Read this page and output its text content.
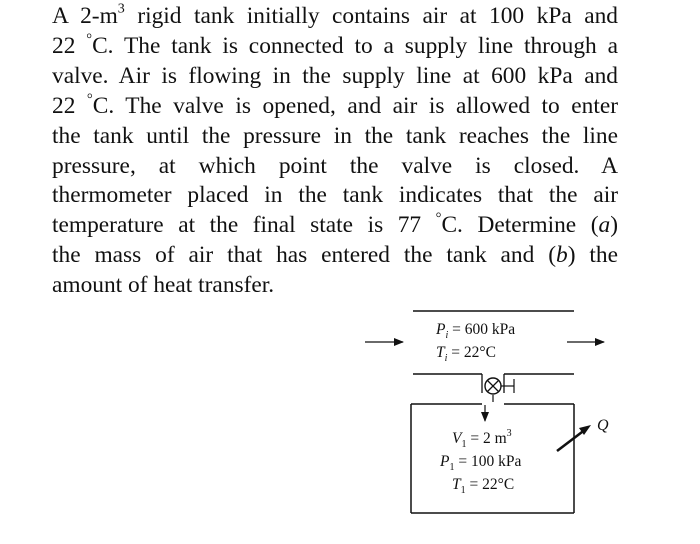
A $2-m^3$ rigid tank initially contains air at 100 kPa and
22 °C. The tank is connected to a supply line through a
valve. Air is flowing in the supply line at 600 kPa and
22 °C. The valve is opened, and air is allowed to enter
the tank until the pressure in the tank reaches the line
pressure, at which point the valve is closed. A
thermometer placed in the tank indicates that the air
temperature at the final state is 77 °C. Determine (a)
the mass of air that has entered the tank and (b) the
amount of heat transfer.
$P_i = 600$ kPa
$T_i = 22^\circ C$
$V_1 = 2$ $m^3$
$P_1 = 100$ kPa
$T_1 = 22^\circ C$
Q
